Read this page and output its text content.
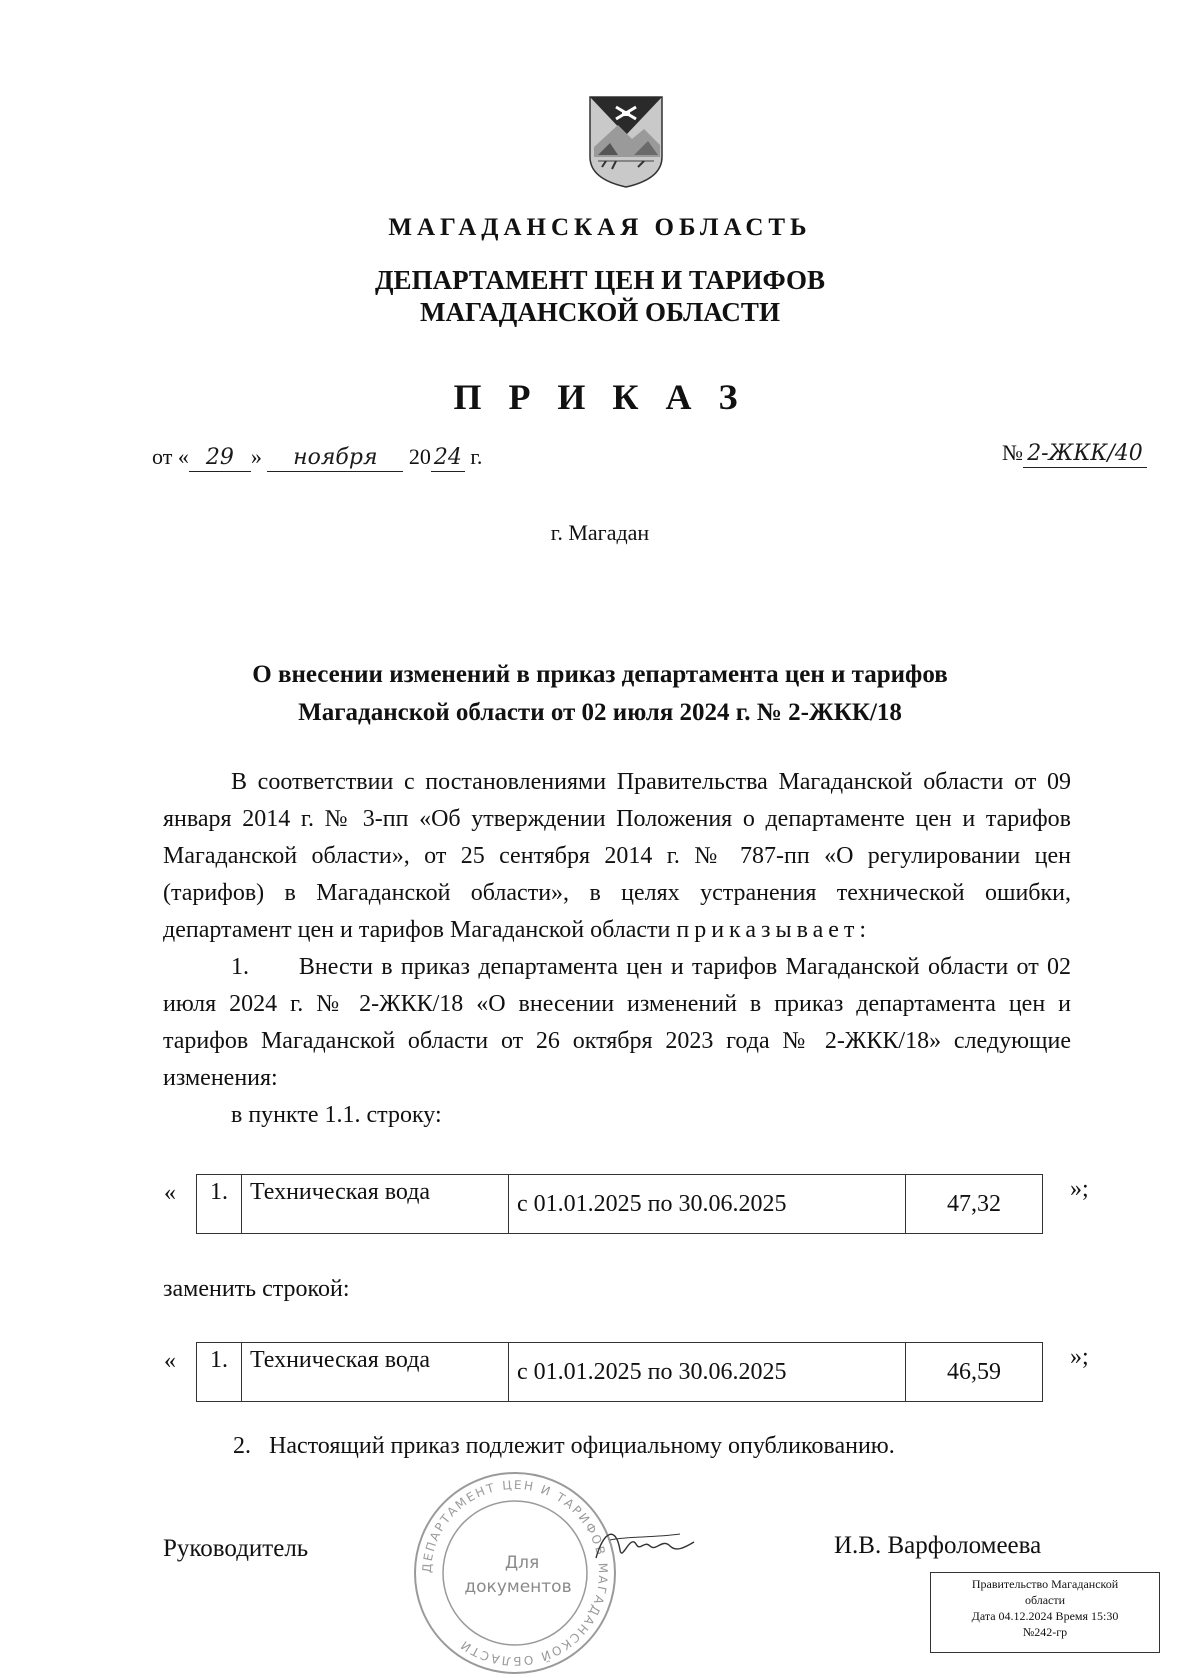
МАГАДАНСКАЯ ОБЛАСТЬ
ДЕПАРТАМЕНТ ЦЕН И ТАРИФОВ
МАГАДАНСКОЙ ОБЛАСТИ
П Р И К А З
от « 29 » ноября 20 24 г.	№ 2-ЖКК/40
г. Магадан
О внесении изменений в приказ департамента цен и тарифов
Магаданской области от 02 июля 2024 г. № 2-ЖКК/18

В соответствии с постановлениями Правительства Магаданской области от 09 января 2014 г. № 3-пп «Об утверждении Положения о департаменте цен и тарифов Магаданской области», от 25 сентября 2014 г. № 787-пп «О регулировании цен (тарифов) в Магаданской области», в целях устранения технической ошибки, департамент цен и тарифов Магаданской области приказывает:

1.      Внести в приказ департамента цен и тарифов Магаданской области от 02 июля 2024 г. № 2-ЖКК/18 «О внесении изменений в приказ департамента цен и тарифов Магаданской области от 26 октября 2023 года № 2-ЖКК/18» следующие изменения:

в пункте 1.1. строку:

« 1.	Техническая вода	с 01.01.2025 по 30.06.2025	47,32
»;
заменить строкой:
« 1.	Техническая вода	с 01.01.2025 по 30.06.2025	46,59
»;
2.   Настоящий приказ подлежит официальному опубликованию.
ДЕПАРТАМЕНТ ЦЕН И ТАРИФОВ МАГАДАНСКОЙ ОБЛАСТИ
Для
документов
Руководитель	И.В. Варфоломеева
Правительство Магаданской
области
Дата 04.12.2024 Время 15:30
№242-гр
